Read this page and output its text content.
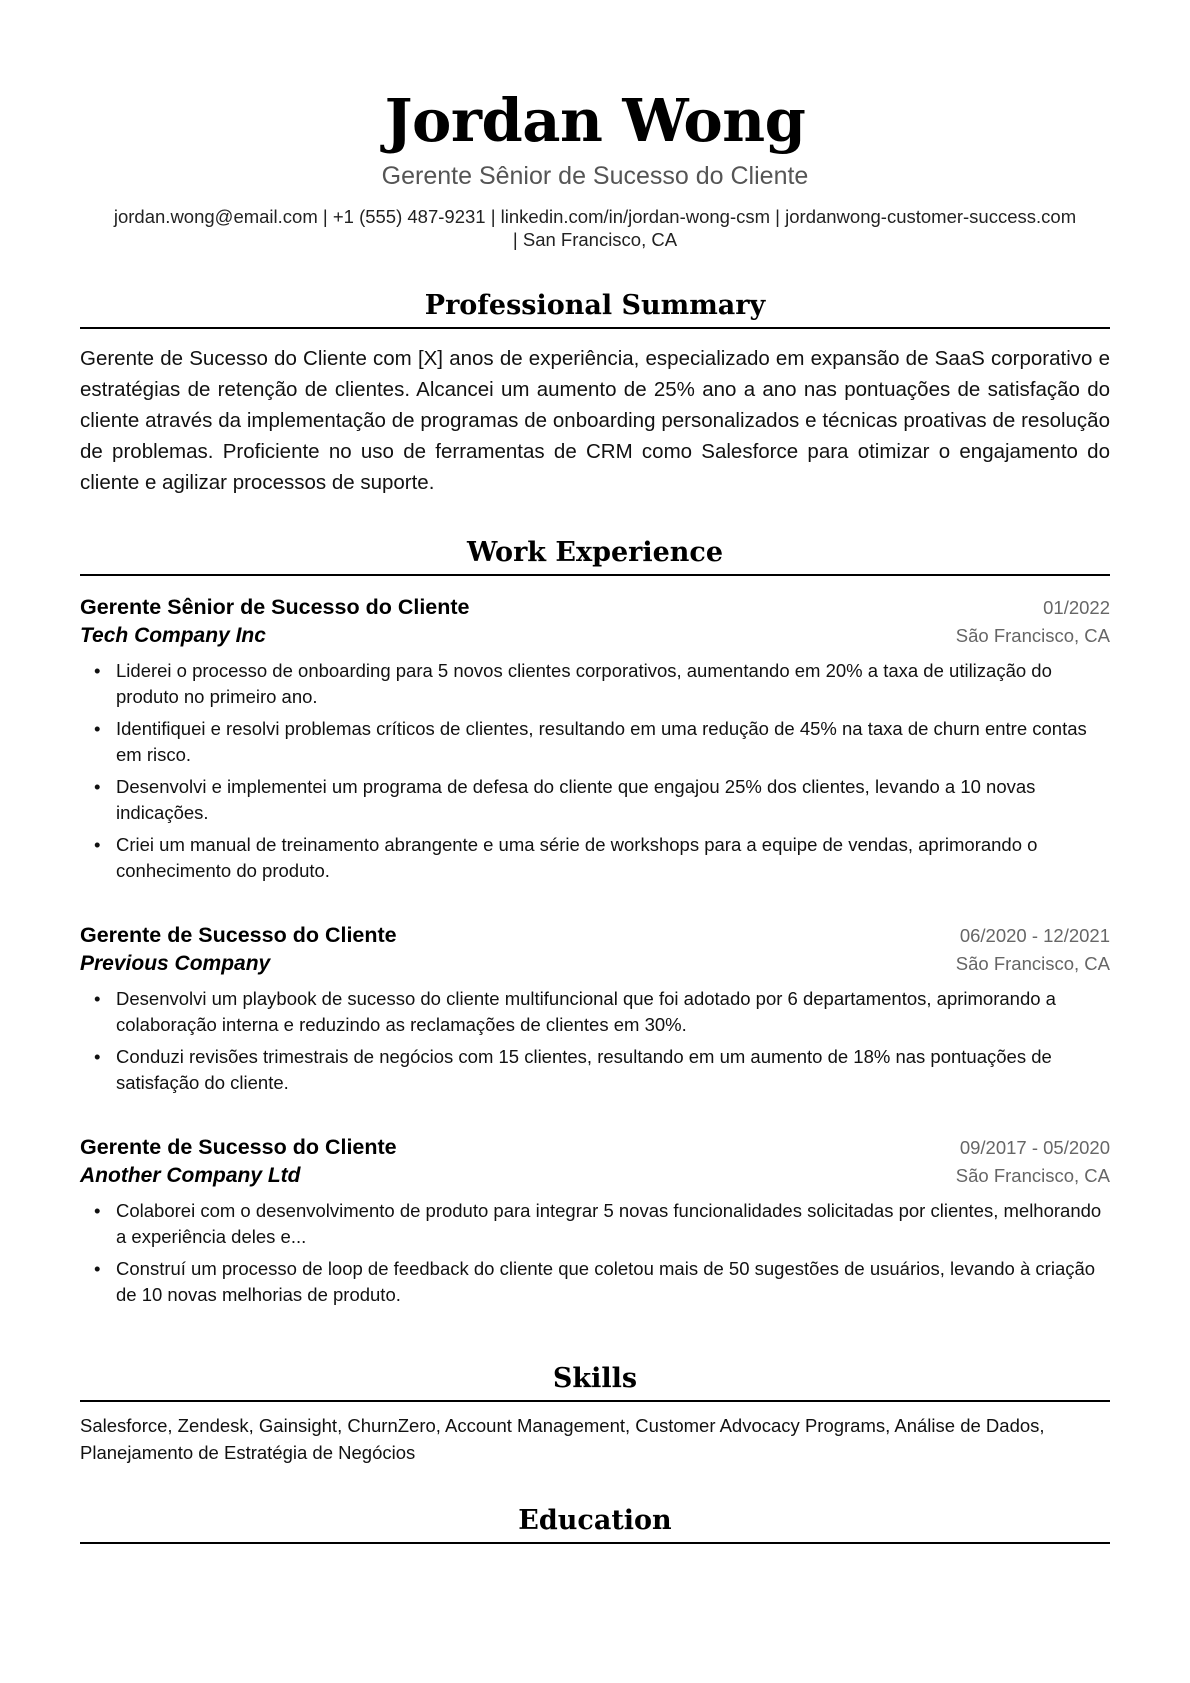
Jordan Wong
Gerente Sênior de Sucesso do Cliente
jordan.wong@email.com | +1 (555) 487-9231 | linkedin.com/in/jordan-wong-csm | jordanwong-customer-success.com
| San Francisco, CA
Professional Summary
Gerente de Sucesso do Cliente com [X] anos de experiência, especializado em expansão de SaaS corporativo e estratégias de retenção de clientes. Alcancei um aumento de 25% ano a ano nas pontuações de satisfação do cliente através da implementação de programas de onboarding personalizados e técnicas proativas de resolução de problemas. Proficiente no uso de ferramentas de CRM como Salesforce para otimizar o engajamento do cliente e agilizar processos de suporte.
Work Experience
Gerente Sênior de Sucesso do Cliente	01/2022
Tech Company Inc	São Francisco, CA
• Liderei o processo de onboarding para 5 novos clientes corporativos, aumentando em 20% a taxa de utilização do produto no primeiro ano.
• Identifiquei e resolvi problemas críticos de clientes, resultando em uma redução de 45% na taxa de churn entre contas em risco.
• Desenvolvi e implementei um programa de defesa do cliente que engajou 25% dos clientes, levando a 10 novas indicações.
• Criei um manual de treinamento abrangente e uma série de workshops para a equipe de vendas, aprimorando o conhecimento do produto.
Gerente de Sucesso do Cliente	06/2020 - 12/2021
Previous Company	São Francisco, CA
• Desenvolvi um playbook de sucesso do cliente multifuncional que foi adotado por 6 departamentos, aprimorando a colaboração interna e reduzindo as reclamações de clientes em 30%.
• Conduzi revisões trimestrais de negócios com 15 clientes, resultando em um aumento de 18% nas pontuações de satisfação do cliente.
Gerente de Sucesso do Cliente	09/2017 - 05/2020
Another Company Ltd	São Francisco, CA
• Colaborei com o desenvolvimento de produto para integrar 5 novas funcionalidades solicitadas por clientes, melhorando a experiência deles e...
• Construí um processo de loop de feedback do cliente que coletou mais de 50 sugestões de usuários, levando à criação de 10 novas melhorias de produto.
Skills
Salesforce, Zendesk, Gainsight, ChurnZero, Account Management, Customer Advocacy Programs, Análise de Dados, Planejamento de Estratégia de Negócios
Education
